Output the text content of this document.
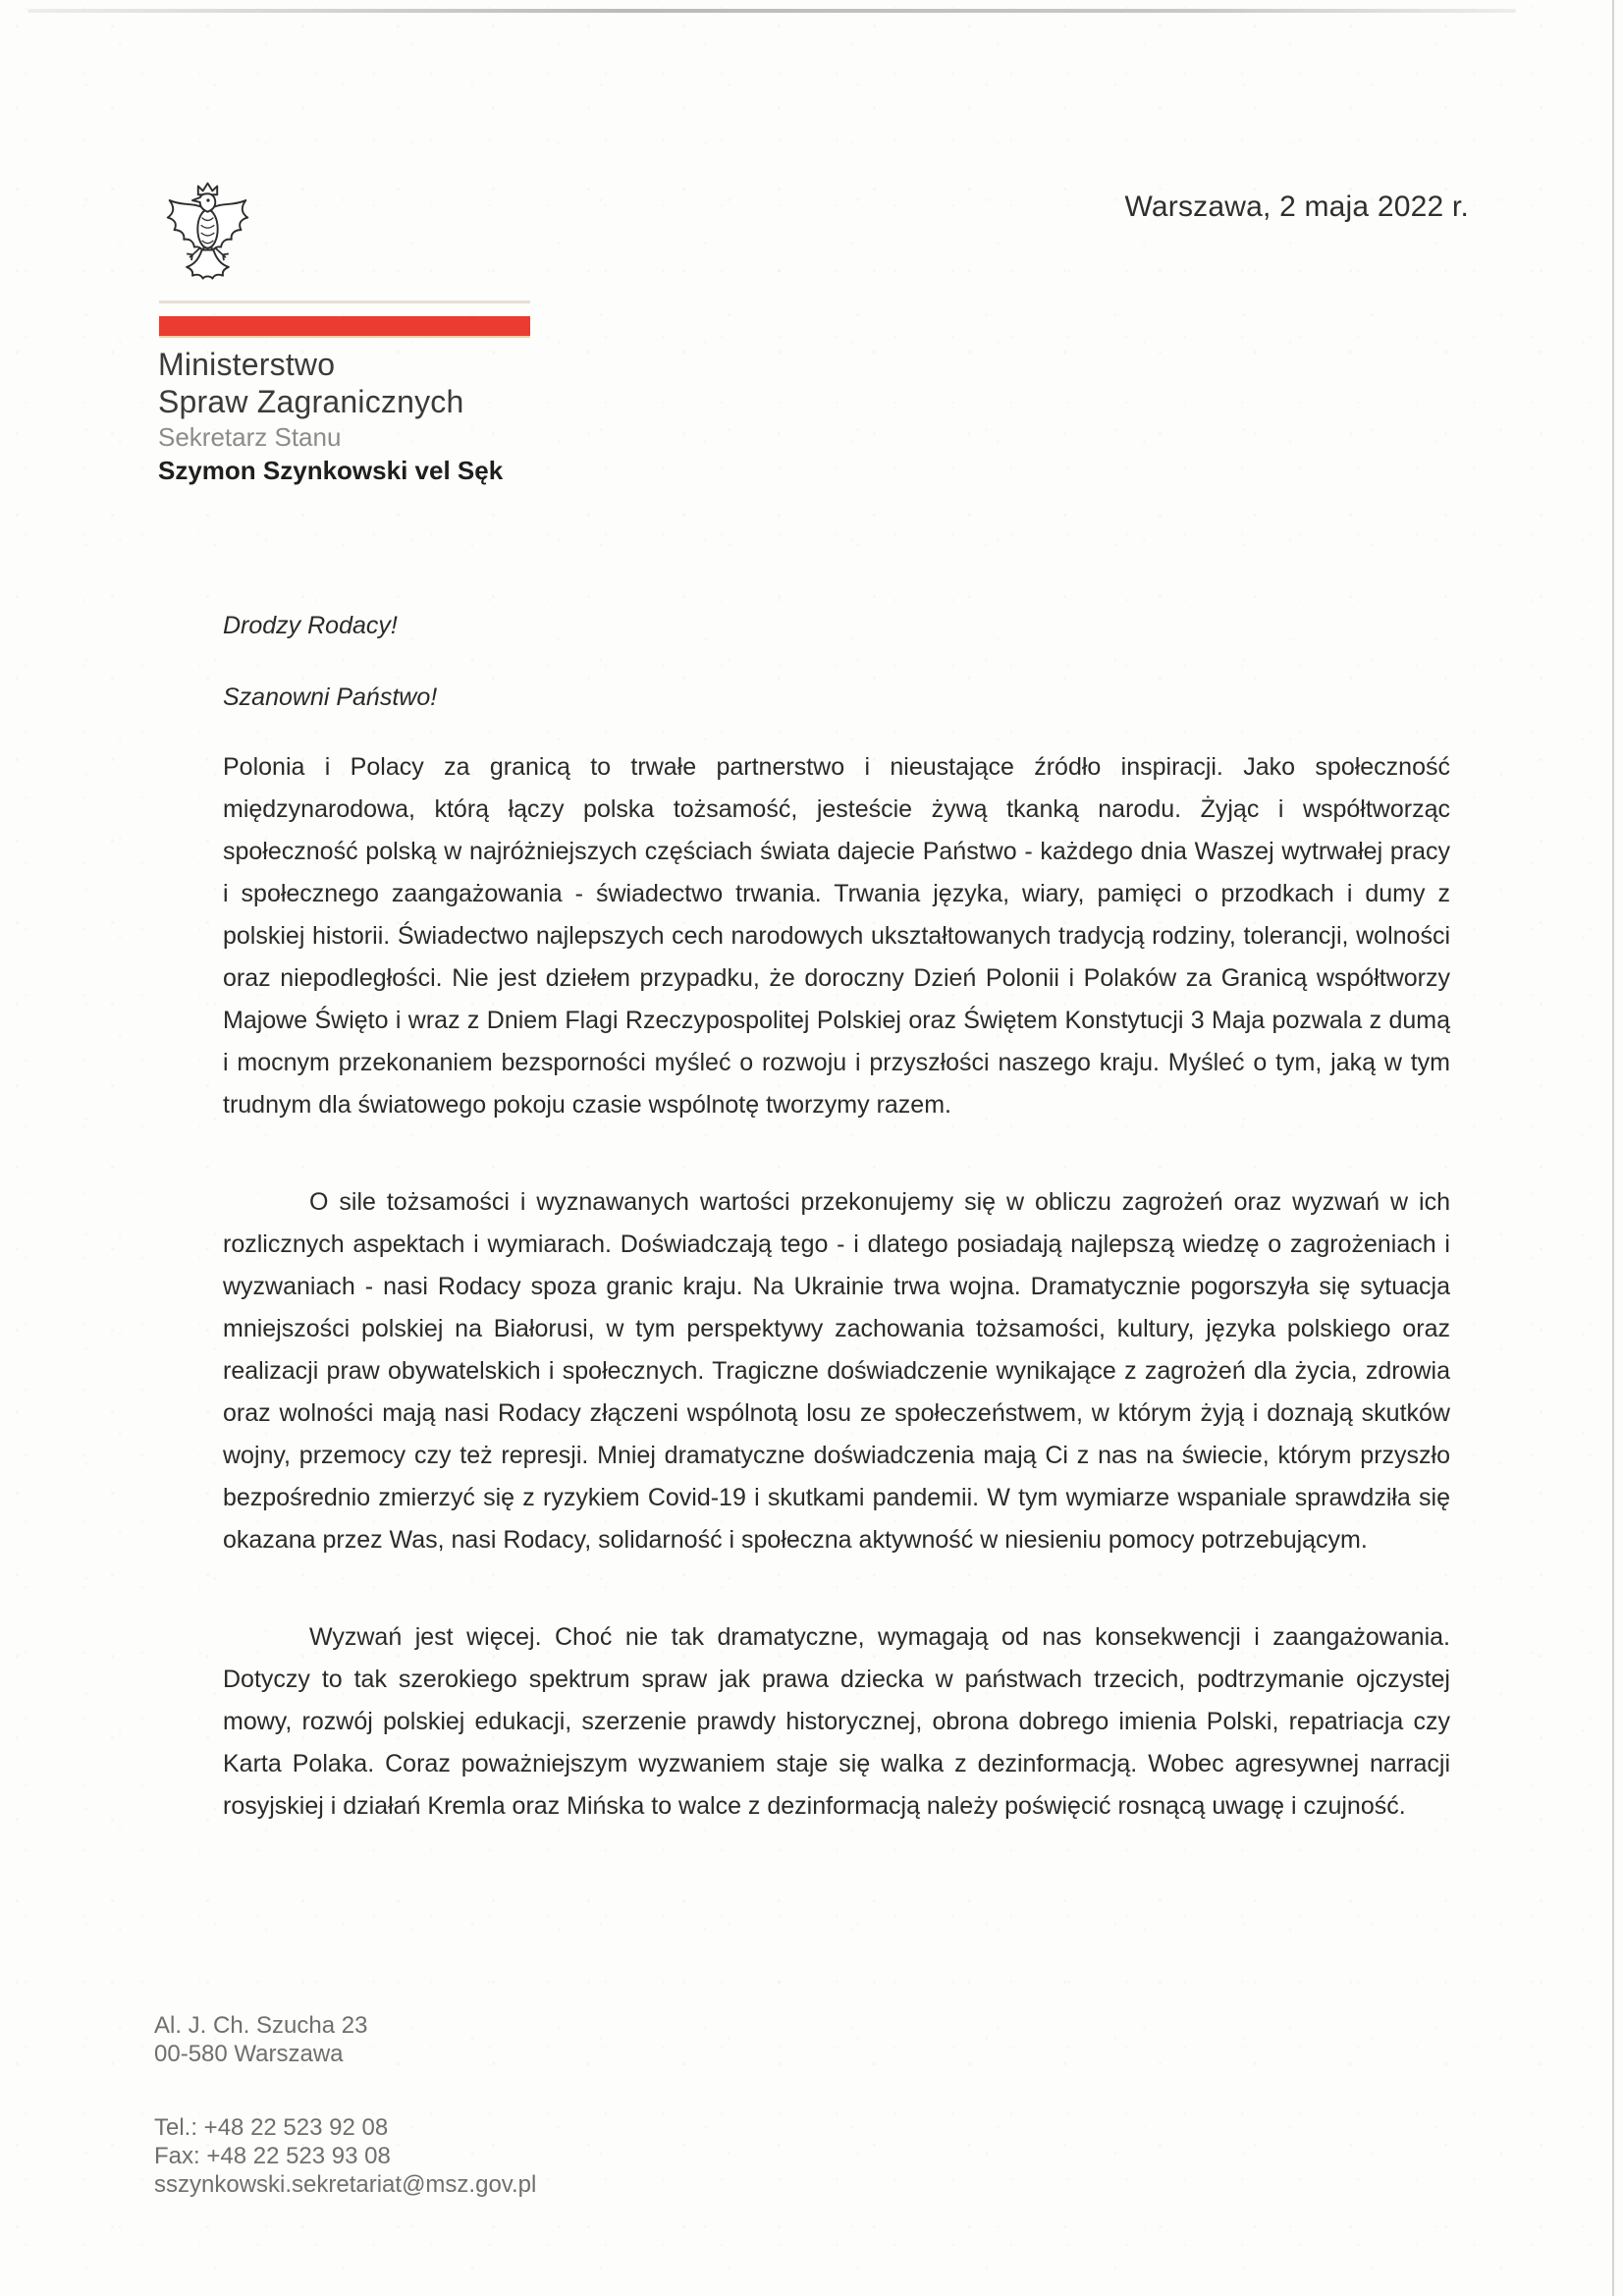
Warszawa, 2 maja 2022 r.
Ministerstwo
Spraw Zagranicznych
Sekretarz Stanu
Szymon Szynkowski vel Sęk

Drodzy Rodacy!

Szanowni Państwo!

Polonia i Polacy za granicą to trwałe partnerstwo i nieustające źródło inspiracji. Jako społeczność międzynarodowa, którą łączy polska tożsamość, jesteście żywą tkanką narodu. Żyjąc i współtworząc społeczność polską w najróżniejszych częściach świata dajecie Państwo - każdego dnia Waszej wytrwałej pracy i społecznego zaangażowania - świadectwo trwania. Trwania języka, wiary, pamięci o przodkach i dumy z polskiej historii. Świadectwo najlepszych cech narodowych ukształtowanych tradycją rodziny, tolerancji, wolności oraz niepodległości. Nie jest dziełem przypadku, że doroczny Dzień Polonii i Polaków za Granicą współtworzy Majowe Święto i wraz z Dniem Flagi Rzeczypospolitej Polskiej oraz Świętem Konstytucji 3 Maja pozwala z dumą i mocnym przekonaniem bezsporności myśleć o rozwoju i przyszłości naszego kraju. Myśleć o tym, jaką w tym trudnym dla światowego pokoju czasie wspólnotę tworzymy razem.

O sile tożsamości i wyznawanych wartości przekonujemy się w obliczu zagrożeń oraz wyzwań w ich rozlicznych aspektach i wymiarach. Doświadczają tego - i dlatego posiadają najlepszą wiedzę o zagrożeniach i wyzwaniach - nasi Rodacy spoza granic kraju. Na Ukrainie trwa wojna. Dramatycznie pogorszyła się sytuacja mniejszości polskiej na Białorusi, w tym perspektywy zachowania tożsamości, kultury, języka polskiego oraz realizacji praw obywatelskich i społecznych. Tragiczne doświadczenie wynikające z zagrożeń dla życia, zdrowia oraz wolności mają nasi Rodacy złączeni wspólnotą losu ze społeczeństwem, w którym żyją i doznają skutków wojny, przemocy czy też represji. Mniej dramatyczne doświadczenia mają Ci z nas na świecie, którym przyszło bezpośrednio zmierzyć się z ryzykiem Covid-19 i skutkami pandemii. W tym wymiarze wspaniale sprawdziła się okazana przez Was, nasi Rodacy, solidarność i społeczna aktywność w niesieniu pomocy potrzebującym.

Wyzwań jest więcej. Choć nie tak dramatyczne, wymagają od nas konsekwencji i zaangażowania. Dotyczy to tak szerokiego spektrum spraw jak prawa dziecka w państwach trzecich, podtrzymanie ojczystej mowy, rozwój polskiej edukacji, szerzenie prawdy historycznej, obrona dobrego imienia Polski, repatriacja czy Karta Polaka. Coraz poważniejszym wyzwaniem staje się walka z dezinformacją. Wobec agresywnej narracji rosyjskiej i działań Kremla oraz Mińska to walce z dezinformacją należy poświęcić rosnącą uwagę i czujność.

Al. J. Ch. Szucha 23
00-580 Warszawa
Tel.: +48 22 523 92 08
Fax: +48 22 523 93 08
sszynkowski.sekretariat@msz.gov.pl
